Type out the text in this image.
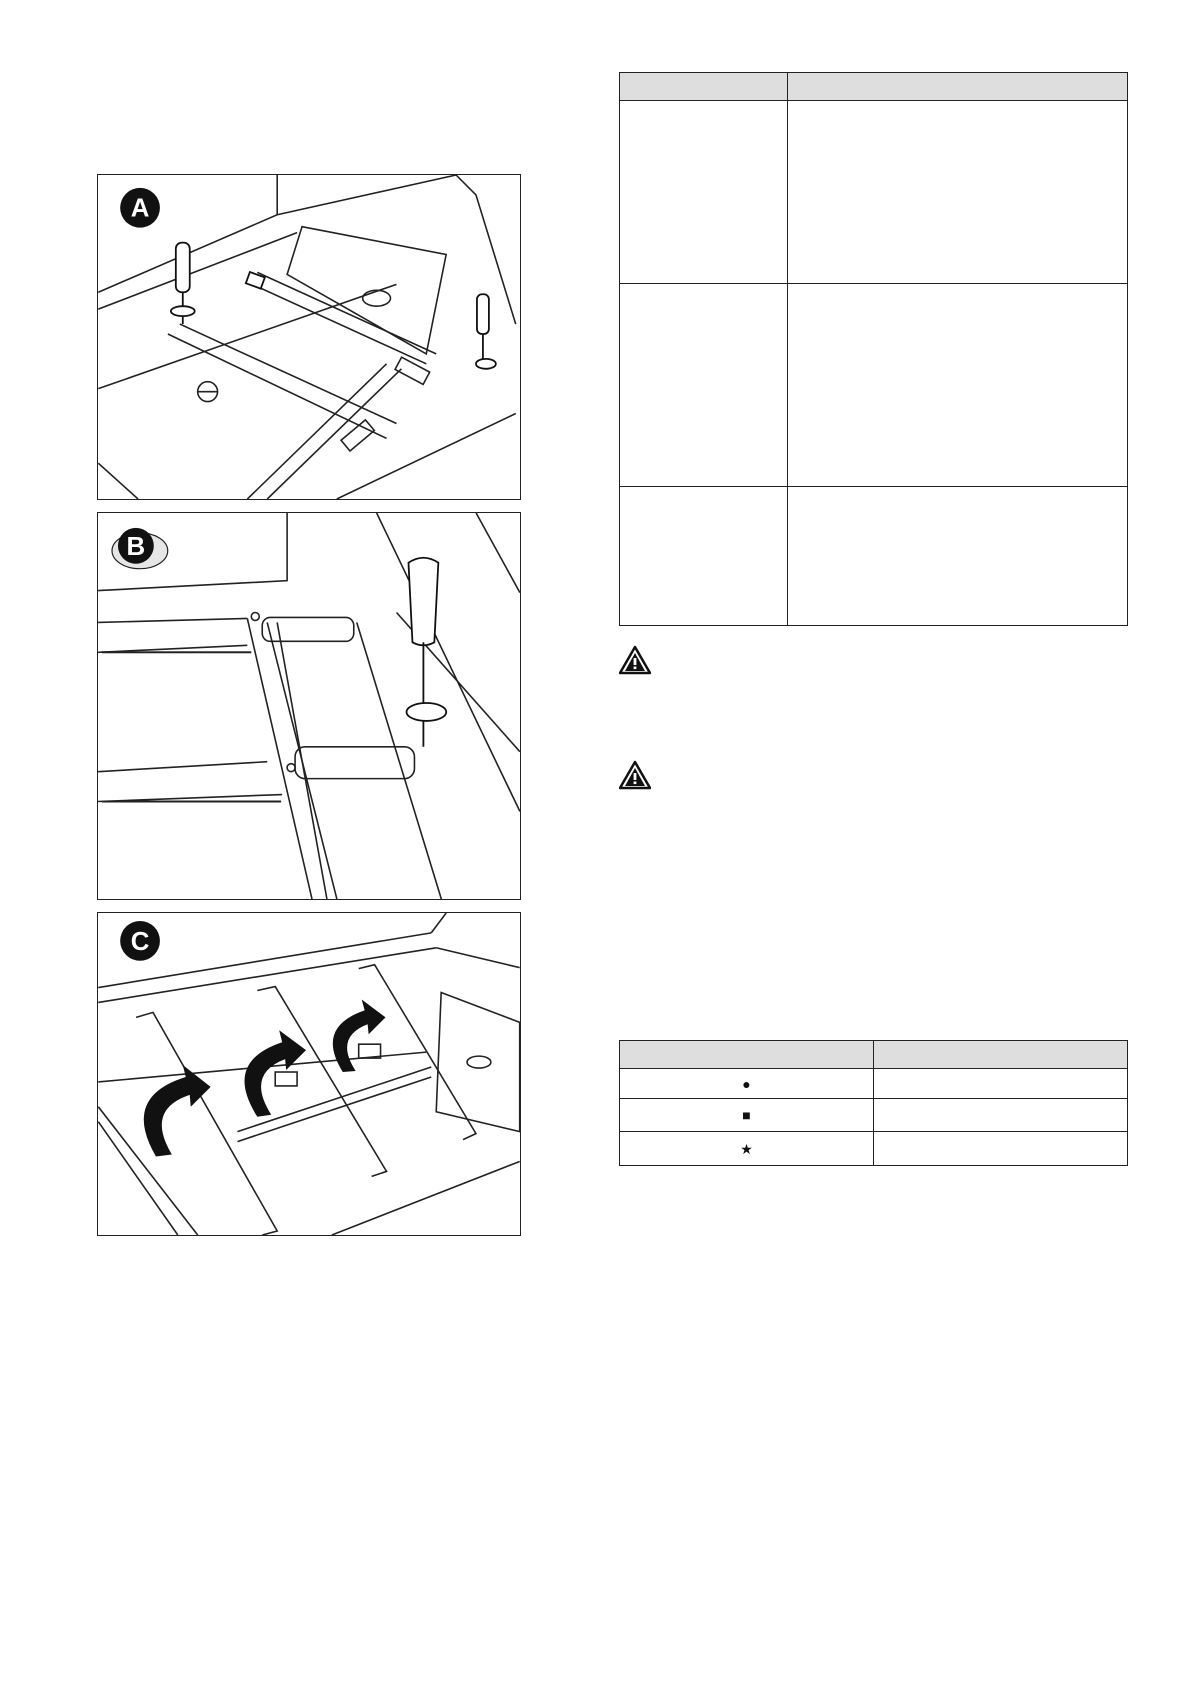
A
B
C

●	
■	
★	
